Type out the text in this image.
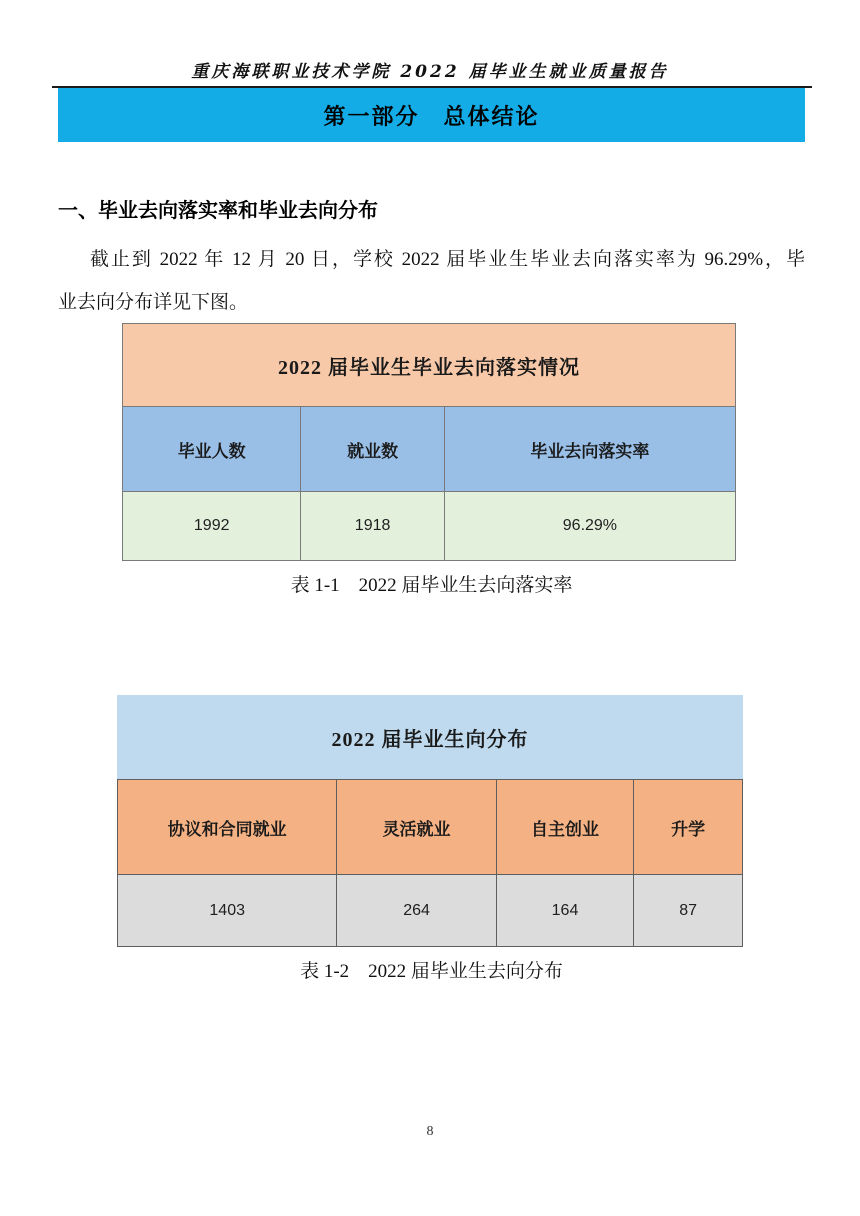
重庆海联职业技术学院 2022 届毕业生就业质量报告
第一部分　总体结论
一、毕业去向落实率和毕业去向分布
截止到 2022 年 12 月 20 日，学校 2022 届毕业生毕业去向落实率为 96.29%，毕
业去向分布详见下图。
2022 届毕业生毕业去向落实情况
毕业人数	就业数	毕业去向落实率
1992	1918	96.29%
表 1-1　2022 届毕业生去向落实率
2022 届毕业生向分布
协议和合同就业	灵活就业	自主创业	升学
1403	264	164	87
表 1-2　2022 届毕业生去向分布
8
